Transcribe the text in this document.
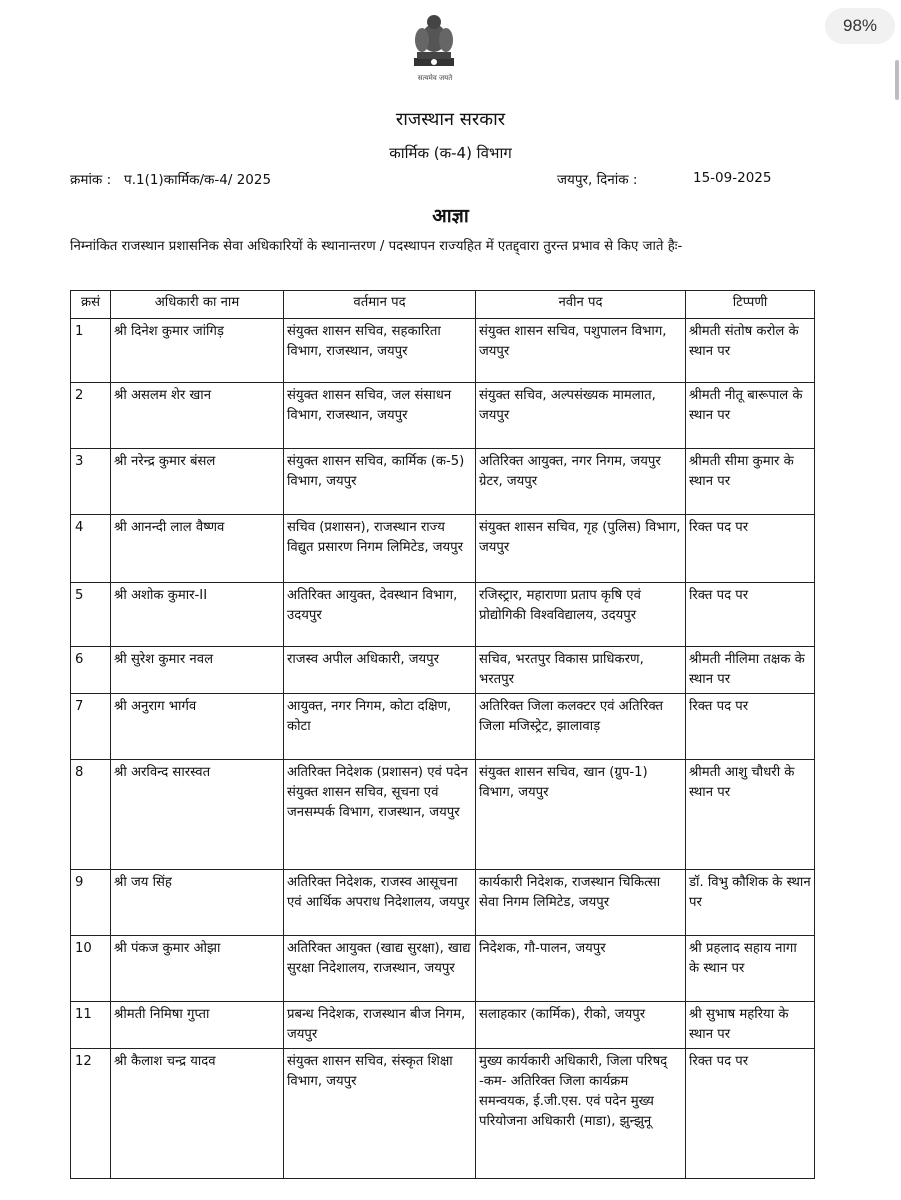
98%
सत्यमेव जयते
राजस्थान सरकार
कार्मिक (क-4) विभाग
क्रमांक : प.1(1)कार्मिक/क-4/ 2025	जयपुर, दिनांक :	15-09-2025
आज्ञा
निम्नांकित राजस्थान प्रशासनिक सेवा अधिकारियों के स्थानान्तरण / पदस्थापन राज्यहित में एतद्द्वारा तुरन्त प्रभाव से किए जाते हैः-
क्रसं	अधिकारी का नाम	वर्तमान पद	नवीन पद	टिप्पणी
1	श्री दिनेश कुमार जांगिड़	संयुक्त शासन सचिव, सहकारिता विभाग, राजस्थान, जयपुर	संयुक्त शासन सचिव, पशुपालन विभाग, जयपुर	श्रीमती संतोष करोल के स्थान पर
2	श्री असलम शेर खान	संयुक्त शासन सचिव, जल संसाधन विभाग, राजस्थान, जयपुर	संयुक्त सचिव, अल्पसंख्यक मामलात, जयपुर	श्रीमती नीतू बारूपाल के स्थान पर
3	श्री नरेन्द्र कुमार बंसल	संयुक्त शासन सचिव, कार्मिक (क-5) विभाग, जयपुर	अतिरिक्त आयुक्त, नगर निगम, जयपुर ग्रेटर, जयपुर	श्रीमती सीमा कुमार के स्थान पर
4	श्री आनन्दी लाल वैष्णव	सचिव (प्रशासन), राजस्थान राज्य विद्युत प्रसारण निगम लिमिटेड, जयपुर	संयुक्त शासन सचिव, गृह (पुलिस) विभाग, जयपुर	रिक्त पद पर
5	श्री अशोक कुमार-II	अतिरिक्त आयुक्त, देवस्थान विभाग, उदयपुर	रजिस्ट्रार, महाराणा प्रताप कृषि एवं प्रोद्योगिकी विश्वविद्यालय, उदयपुर	रिक्त पद पर
6	श्री सुरेश कुमार नवल	राजस्व अपील अधिकारी, जयपुर	सचिव, भरतपुर विकास प्राधिकरण, भरतपुर	श्रीमती नीलिमा तक्षक के स्थान पर
7	श्री अनुराग भार्गव	आयुक्त, नगर निगम, कोटा दक्षिण, कोटा	अतिरिक्त जिला कलक्टर एवं अतिरिक्त जिला मजिस्ट्रेट, झालावाड़	रिक्त पद पर
8	श्री अरविन्द सारस्वत	अतिरिक्त निदेशक (प्रशासन) एवं पदेन संयुक्त शासन सचिव, सूचना एवं जनसम्पर्क विभाग, राजस्थान, जयपुर	संयुक्त शासन सचिव, खान (ग्रुप-1) विभाग, जयपुर	श्रीमती आशु चौधरी के स्थान पर
9	श्री जय सिंह	अतिरिक्त निदेशक, राजस्व आसूचना एवं आर्थिक अपराध निदेशालय, जयपुर	कार्यकारी निदेशक, राजस्थान चिकित्सा सेवा निगम लिमिटेड, जयपुर	डॉ. विभु कौशिक के स्थान पर
10	श्री पंकज कुमार ओझा	अतिरिक्त आयुक्त (खाद्य सुरक्षा), खाद्य सुरक्षा निदेशालय, राजस्थान, जयपुर	निदेशक, गौ-पालन, जयपुर	श्री प्रहलाद सहाय नागा के स्थान पर
11	श्रीमती निमिषा गुप्ता	प्रबन्ध निदेशक, राजस्थान बीज निगम, जयपुर	सलाहकार (कार्मिक), रीको, जयपुर	श्री सुभाष महरिया के स्थान पर
12	श्री कैलाश चन्द्र यादव	संयुक्त शासन सचिव, संस्कृत शिक्षा विभाग, जयपुर	मुख्य कार्यकारी अधिकारी, जिला परिषद् -कम- अतिरिक्त जिला कार्यक्रम समन्वयक, ई.जी.एस. एवं पदेन मुख्य परियोजना अधिकारी (माडा), झुन्झुनू	रिक्त पद पर
